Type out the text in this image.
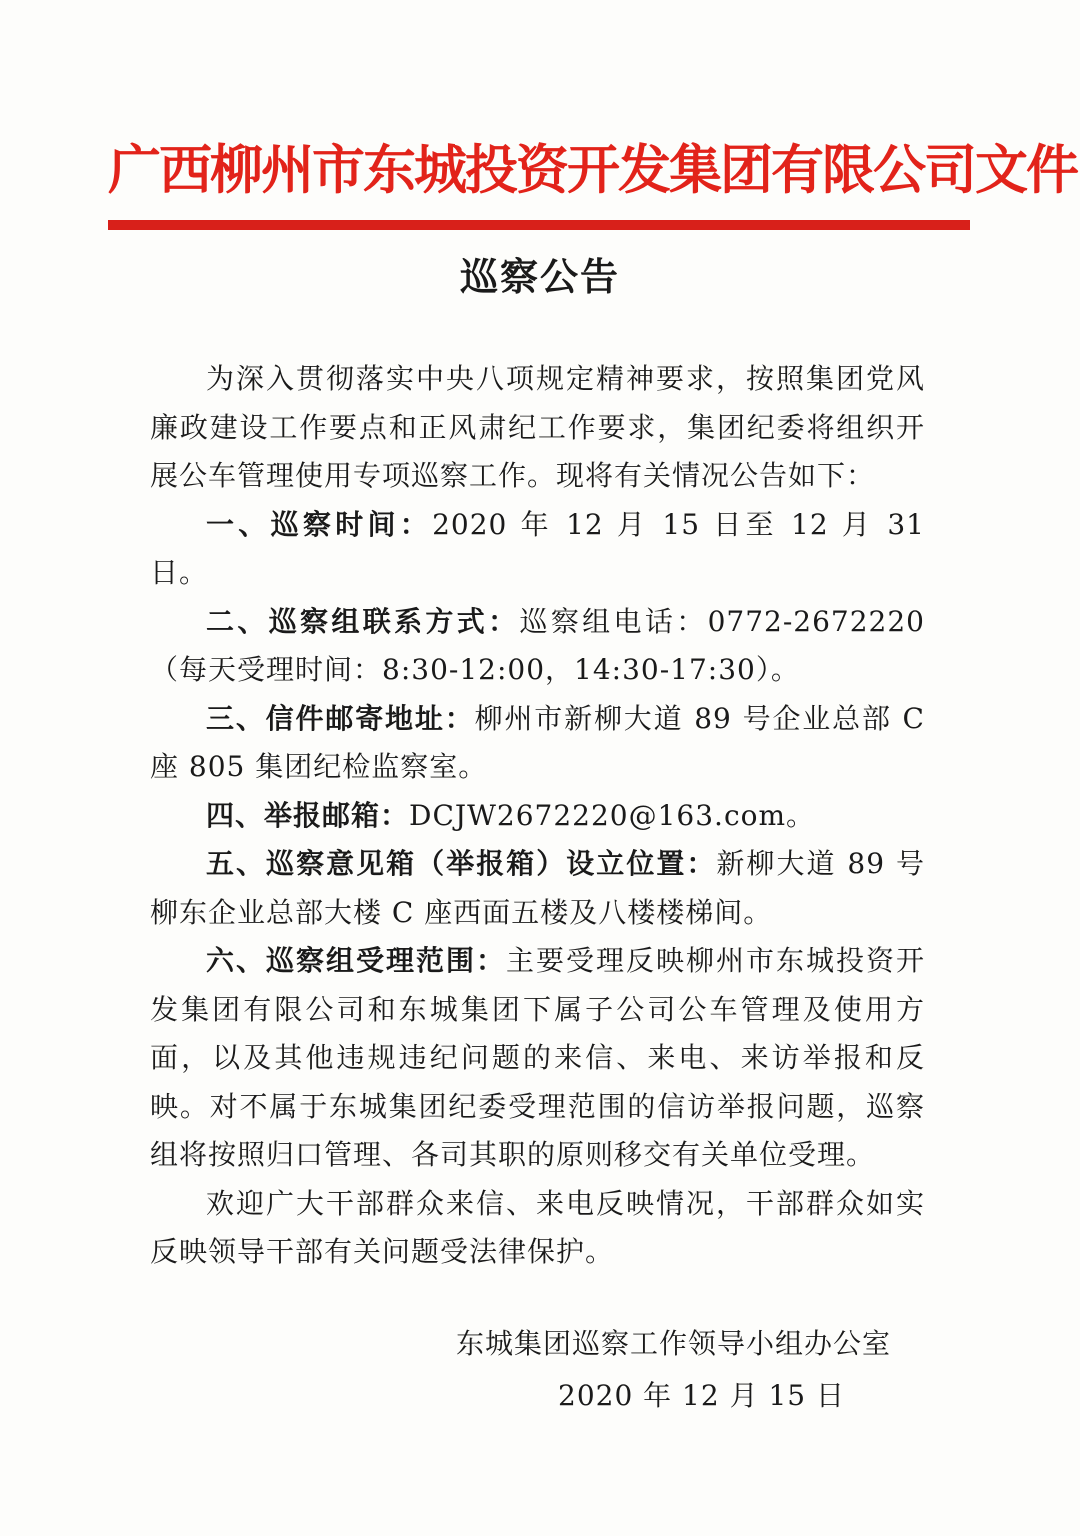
广西柳州市东城投资开发集团有限公司文件
巡察公告

为深入贯彻落实中央八项规定精神要求，按照集团党风廉政建设工作要点和正风肃纪工作要求，集团纪委将组织开展公车管理使用专项巡察工作。现将有关情况公告如下：

一、巡察时间：2020 年 12 月 15 日至 12 月 31 日。

二、巡察组联系方式：巡察组电话：0772-2672220（每天受理时间：8:30-12:00，14:30-17:30）。

三、信件邮寄地址：柳州市新柳大道 89 号企业总部 C 座 805 集团纪检监察室。

四、举报邮箱：DCJW2672220@163.com。

五、巡察意见箱（举报箱）设立位置：新柳大道 89 号柳东企业总部大楼 C 座西面五楼及八楼楼梯间。

六、巡察组受理范围：主要受理反映柳州市东城投资开发集团有限公司和东城集团下属子公司公车管理及使用方面，以及其他违规违纪问题的来信、来电、来访举报和反映。对不属于东城集团纪委受理范围的信访举报问题，巡察组将按照归口管理、各司其职的原则移交有关单位受理。

欢迎广大干部群众来信、来电反映情况，干部群众如实反映领导干部有关问题受法律保护。

东城集团巡察工作领导小组办公室
2020 年 12 月 15 日
